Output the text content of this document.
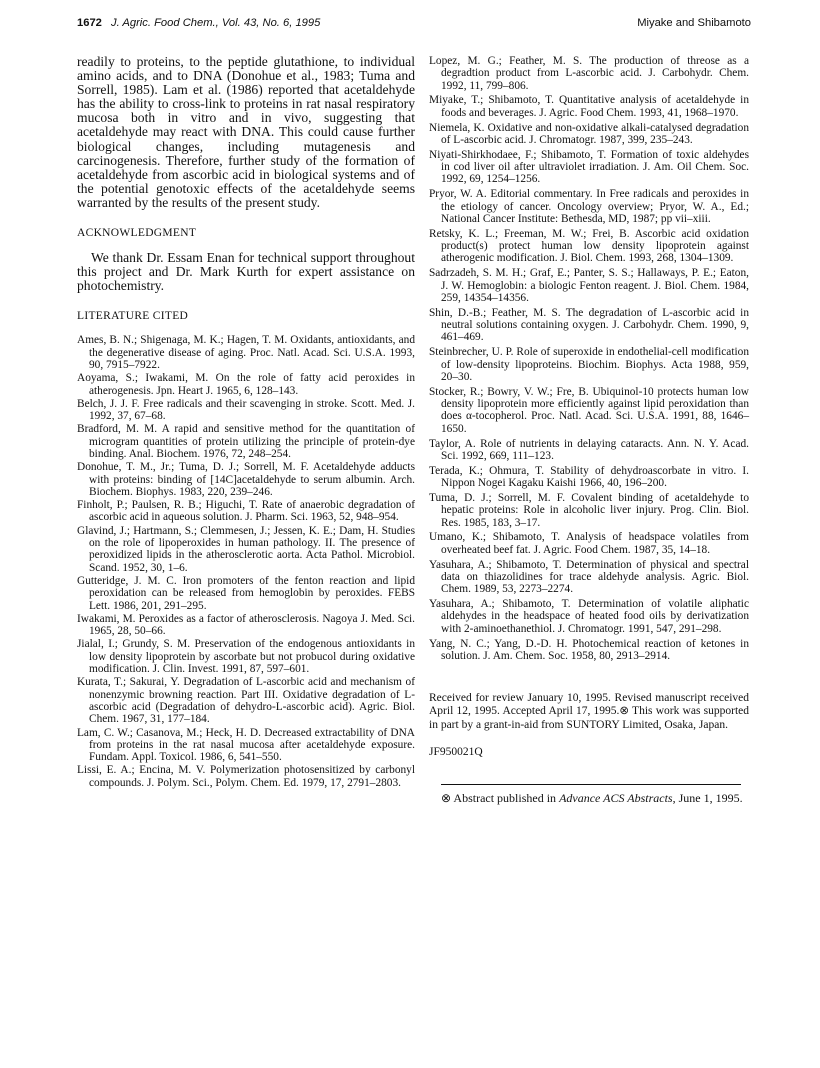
1672 J. Agric. Food Chem., Vol. 43, No. 6, 1995	Miyake and Shibamoto

readily to proteins, to the peptide glutathione, to individual amino acids, and to DNA (Donohue et al., 1983; Tuma and Sorrell, 1985). Lam et al. (1986) reported that acetaldehyde has the ability to cross-link to proteins in rat nasal respiratory mucosa both in vitro and in vivo, suggesting that acetaldehyde may react with DNA. This could cause further biological changes, including mutagenesis and carcinogenesis. Therefore, further study of the formation of acetaldehyde from ascorbic acid in biological systems and of the potential genotoxic effects of the acetaldehyde seems warranted by the results of the present study.

ACKNOWLEDGMENT

We thank Dr. Essam Enan for technical support throughout this project and Dr. Mark Kurth for expert assistance on photochemistry.

LITERATURE CITED

Ames, B. N.; Shigenaga, M. K.; Hagen, T. M. Oxidants, antioxidants, and the degenerative disease of aging. Proc. Natl. Acad. Sci. U.S.A. 1993, 90, 7915–7922.

Aoyama, S.; Iwakami, M. On the role of fatty acid peroxides in atherogenesis. Jpn. Heart J. 1965, 6, 128–143.

Belch, J. J. F. Free radicals and their scavenging in stroke. Scott. Med. J. 1992, 37, 67–68.

Bradford, M. M. A rapid and sensitive method for the quantitation of microgram quantities of protein utilizing the principle of protein-dye binding. Anal. Biochem. 1976, 72, 248–254.

Donohue, T. M., Jr.; Tuma, D. J.; Sorrell, M. F. Acetaldehyde adducts with proteins: binding of [14C]acetaldehyde to serum albumin. Arch. Biochem. Biophys. 1983, 220, 239–246.

Finholt, P.; Paulsen, R. B.; Higuchi, T. Rate of anaerobic degradation of ascorbic acid in aqueous solution. J. Pharm. Sci. 1963, 52, 948–954.

Glavind, J.; Hartmann, S.; Clemmesen, J.; Jessen, K. E.; Dam, H. Studies on the role of lipoperoxides in human pathology. II. The presence of peroxidized lipids in the atherosclerotic aorta. Acta Pathol. Microbiol. Scand. 1952, 30, 1–6.

Gutteridge, J. M. C. Iron promoters of the fenton reaction and lipid peroxidation can be released from hemoglobin by peroxides. FEBS Lett. 1986, 201, 291–295.

Iwakami, M. Peroxides as a factor of atherosclerosis. Nagoya J. Med. Sci. 1965, 28, 50–66.

Jialal, I.; Grundy, S. M. Preservation of the endogenous antioxidants in low density lipoprotein by ascorbate but not probucol during oxidative modification. J. Clin. Invest. 1991, 87, 597–601.

Kurata, T.; Sakurai, Y. Degradation of L-ascorbic acid and mechanism of nonenzymic browning reaction. Part III. Oxidative degradation of L-ascorbic acid (Degradation of dehydro-L-ascorbic acid). Agric. Biol. Chem. 1967, 31, 177–184.

Lam, C. W.; Casanova, M.; Heck, H. D. Decreased extractability of DNA from proteins in the rat nasal mucosa after acetaldehyde exposure. Fundam. Appl. Toxicol. 1986, 6, 541–550.

Lissi, E. A.; Encina, M. V. Polymerization photosensitized by carbonyl compounds. J. Polym. Sci., Polym. Chem. Ed. 1979, 17, 2791–2803.

Lopez, M. G.; Feather, M. S. The production of threose as a degradtion product from L-ascorbic acid. J. Carbohydr. Chem. 1992, 11, 799–806.

Miyake, T.; Shibamoto, T. Quantitative analysis of acetaldehyde in foods and beverages. J. Agric. Food Chem. 1993, 41, 1968–1970.

Niemela, K. Oxidative and non-oxidative alkali-catalysed degradation of L-ascorbic acid. J. Chromatogr. 1987, 399, 235–243.

Niyati-Shirkhodaee, F.; Shibamoto, T. Formation of toxic aldehydes in cod liver oil after ultraviolet irradiation. J. Am. Oil Chem. Soc. 1992, 69, 1254–1256.

Pryor, W. A. Editorial commentary. In Free radicals and peroxides in the etiology of cancer. Oncology overview; Pryor, W. A., Ed.; National Cancer Institute: Bethesda, MD, 1987; pp vii–xiii.

Retsky, K. L.; Freeman, M. W.; Frei, B. Ascorbic acid oxidation product(s) protect human low density lipoprotein against atherogenic modification. J. Biol. Chem. 1993, 268, 1304–1309.

Sadrzadeh, S. M. H.; Graf, E.; Panter, S. S.; Hallaways, P. E.; Eaton, J. W. Hemoglobin: a biologic Fenton reagent. J. Biol. Chem. 1984, 259, 14354–14356.

Shin, D.-B.; Feather, M. S. The degradation of L-ascorbic acid in neutral solutions containing oxygen. J. Carbohydr. Chem. 1990, 9, 461–469.

Steinbrecher, U. P. Role of superoxide in endothelial-cell modification of low-density lipoproteins. Biochim. Biophys. Acta 1988, 959, 20–30.

Stocker, R.; Bowry, V. W.; Fre, B. Ubiquinol-10 protects human low density lipoprotein more efficiently against lipid peroxidation than does α-tocopherol. Proc. Natl. Acad. Sci. U.S.A. 1991, 88, 1646–1650.

Taylor, A. Role of nutrients in delaying cataracts. Ann. N. Y. Acad. Sci. 1992, 669, 111–123.

Terada, K.; Ohmura, T. Stability of dehydroascorbate in vitro. I. Nippon Nogei Kagaku Kaishi 1966, 40, 196–200.

Tuma, D. J.; Sorrell, M. F. Covalent binding of acetaldehyde to hepatic proteins: Role in alcoholic liver injury. Prog. Clin. Biol. Res. 1985, 183, 3–17.

Umano, K.; Shibamoto, T. Analysis of headspace volatiles from overheated beef fat. J. Agric. Food Chem. 1987, 35, 14–18.

Yasuhara, A.; Shibamoto, T. Determination of physical and spectral data on thiazolidines for trace aldehyde analysis. Agric. Biol. Chem. 1989, 53, 2273–2274.

Yasuhara, A.; Shibamoto, T. Determination of volatile aliphatic aldehydes in the headspace of heated food oils by derivatization with 2-aminoethanethiol. J. Chromatogr. 1991, 547, 291–298.

Yang, N. C.; Yang, D.-D. H. Photochemical reaction of ketones in solution. J. Am. Chem. Soc. 1958, 80, 2913–2914.

Received for review January 10, 1995. Revised manuscript received April 12, 1995. Accepted April 17, 1995.⊗ This work was supported in part by a grant-in-aid from SUNTORY Limited, Osaka, Japan.

JF950021Q

⊗ Abstract published in Advance ACS Abstracts, June 1, 1995.
